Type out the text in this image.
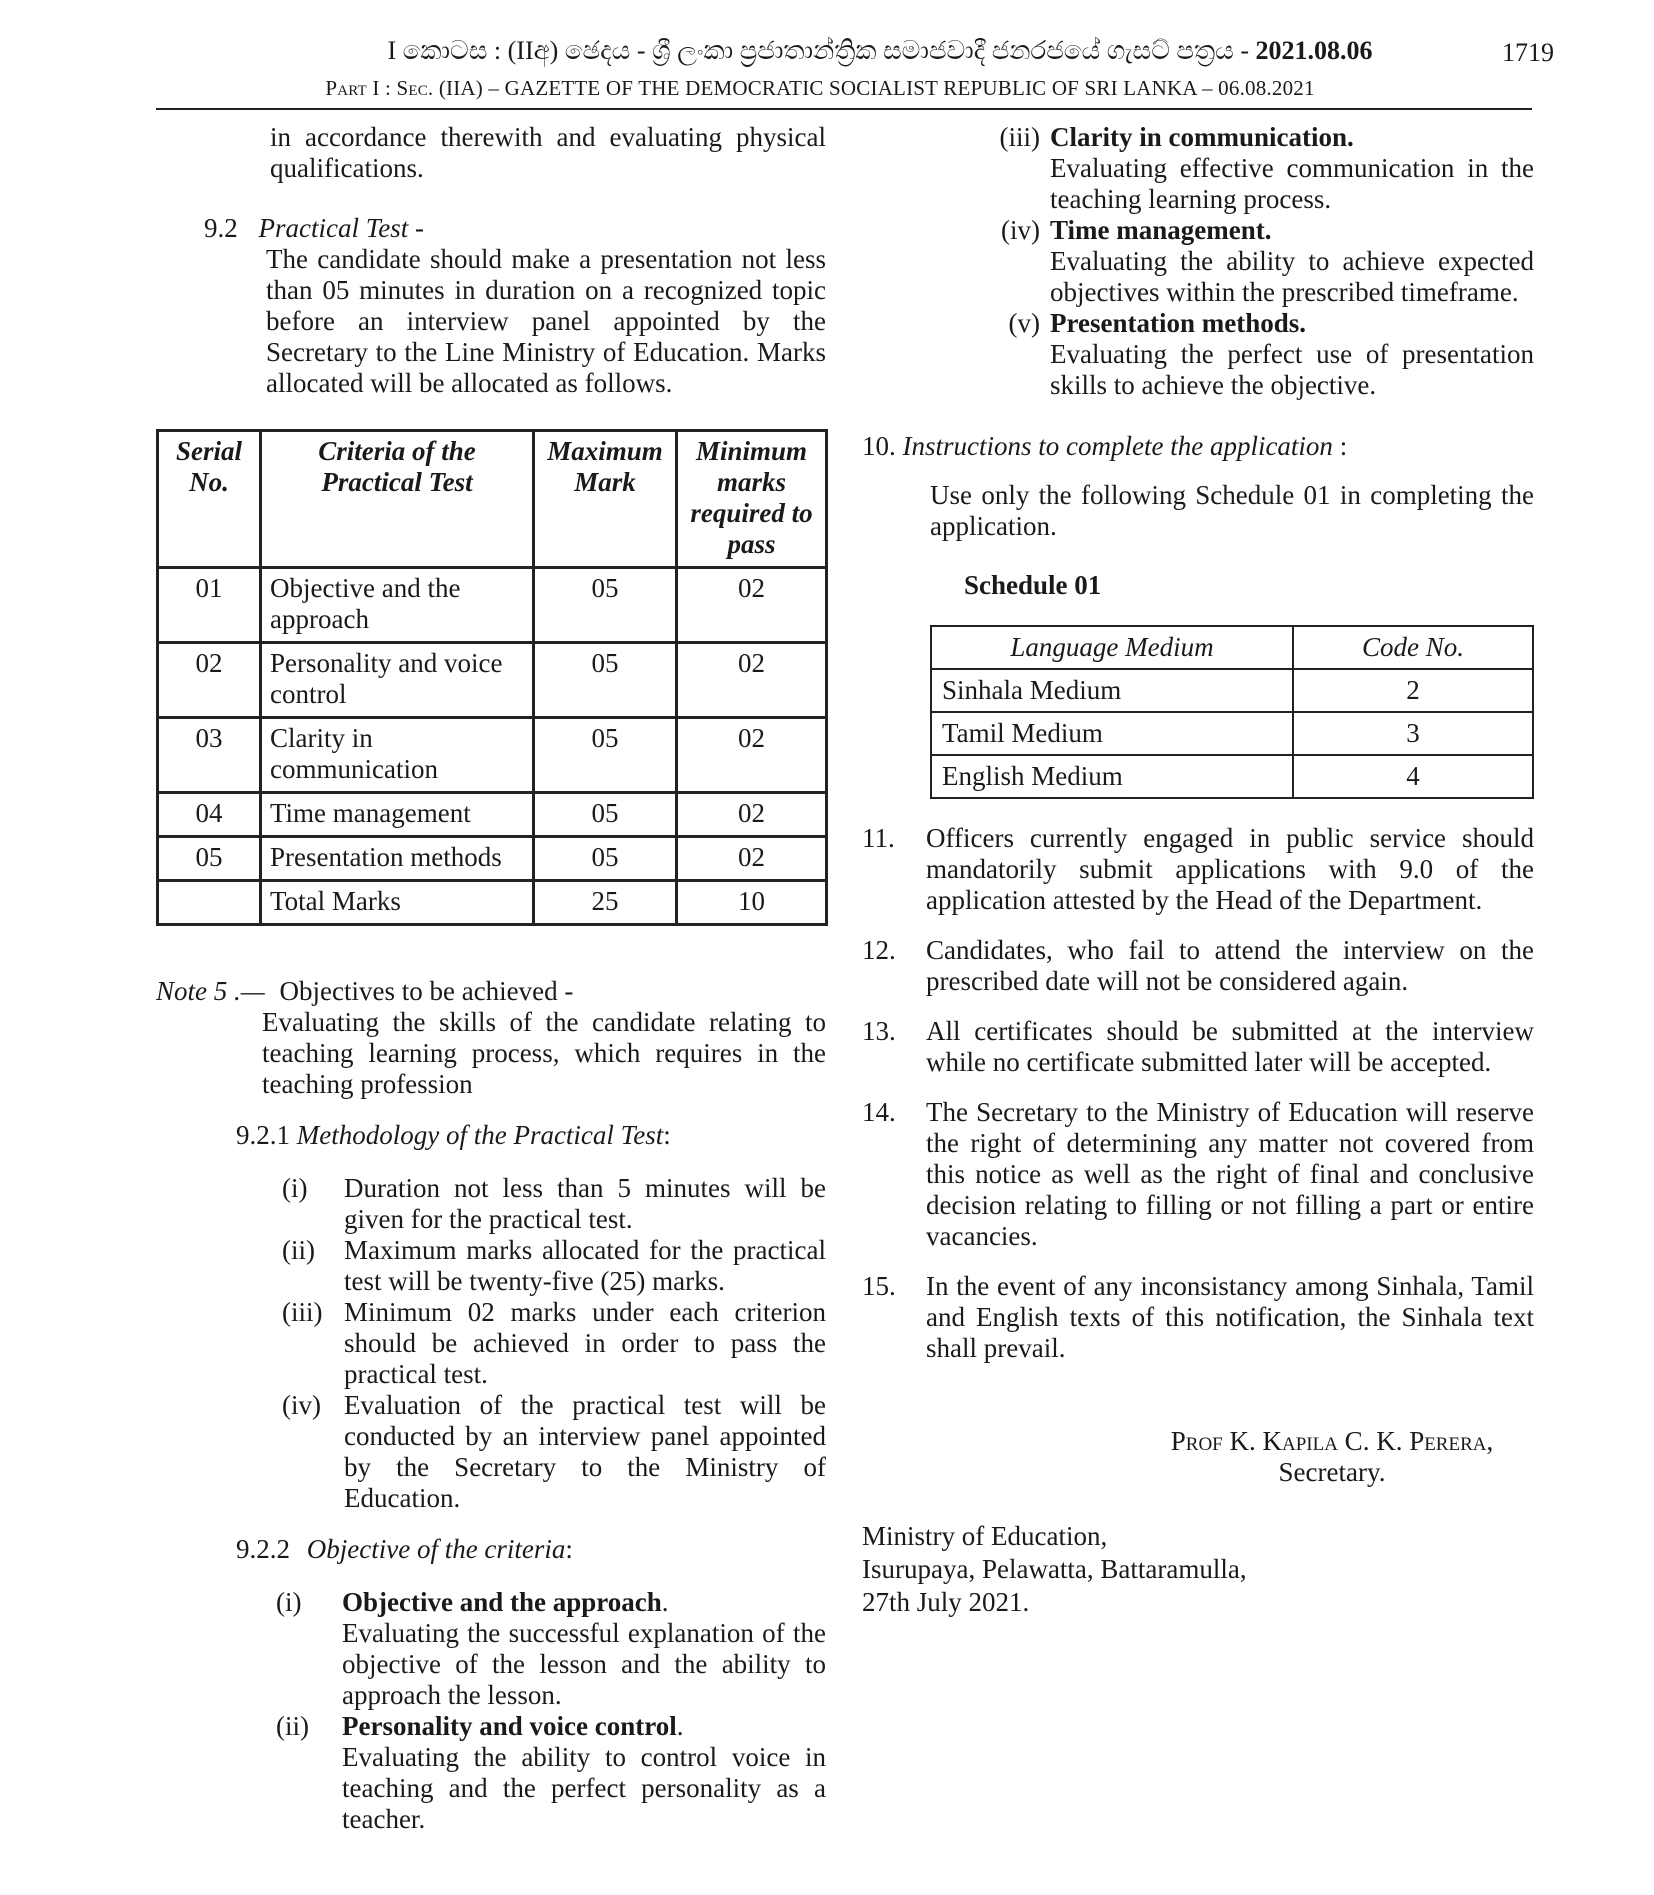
I කොටස : (IIඅ) ඡෙදය - ශ්‍රී ලංකා ප්‍රජාතාන්ත්‍රික සමාජවාදී ජනරජයේ ගැසට් පත්‍රය - 2021.08.06	1719
Part I : Sec. (IIA) – GAZETTE OF THE DEMOCRATIC SOCIALIST REPUBLIC OF SRI LANKA – 06.08.2021

in accordance therewith and evaluating physical qualifications.

9.2 Practical Test -

The candidate should make a presentation not less than 05 minutes in duration on a recognized topic before an interview panel appointed by the Secretary to the Line Ministry of Education. Marks allocated will be allocated as follows.

Serial No.	Criteria of the Practical Test	Maximum Mark	Minimum marks required to pass
01	Objective and the approach	05	02
02	Personality and voice control	05	02
03	Clarity in communication	05	02
04	Time management	05	02
05	Presentation methods	05	02
	Total Marks	25	10

Note 5 .— Objectives to be achieved -

Evaluating the skills of the candidate relating to teaching learning process, which requires in the teaching profession

9.2.1 Methodology of the Practical Test:

(i)	Duration not less than 5 minutes will be given for the practical test.
(ii)	Maximum marks allocated for the practical test will be twenty-five (25) marks.
(iii) Minimum 02 marks under each criterion should be achieved in order to pass the practical test.
(iv) Evaluation of the practical test will be conducted by an interview panel appointed by the Secretary to the Ministry of Education.

9.2.2 Objective of the criteria:

(i)	Objective and the approach.
Evaluating the successful explanation of the objective of the lesson and the ability to approach the lesson.
(ii)	Personality and voice control.
Evaluating the ability to control voice in teaching and the perfect personality as a teacher.
(iii) Clarity in communication.
Evaluating effective communication in the teaching learning process.
(iv) Time management.
Evaluating the ability to achieve expected objectives within the prescribed timeframe.
(v) Presentation methods.
Evaluating the perfect use of presentation skills to achieve the objective.

10. Instructions to complete the application :

Use only the following Schedule 01 in completing the application.

Schedule 01

Language Medium	Code No.
Sinhala Medium	2
Tamil Medium	3
English Medium	4
11.	Officers currently engaged in public service should mandatorily submit applications with 9.0 of the application attested by the Head of the Department.
12.	Candidates, who fail to attend the interview on the prescribed date will not be considered again.
13.	All certificates should be submitted at the interview while no certificate submitted later will be accepted.
14.	The Secretary to the Ministry of Education will reserve the right of determining any matter not covered from this notice as well as the right of final and conclusive decision relating to filling or not filling a part or entire vacancies.
15.	In the event of any inconsistancy among Sinhala, Tamil and English texts of this notification, the Sinhala text shall prevail.

Prof K. Kapila C. K. Perera,

Secretary.

Ministry of Education,

Isurupaya, Pelawatta, Battaramulla,

27th July 2021.
